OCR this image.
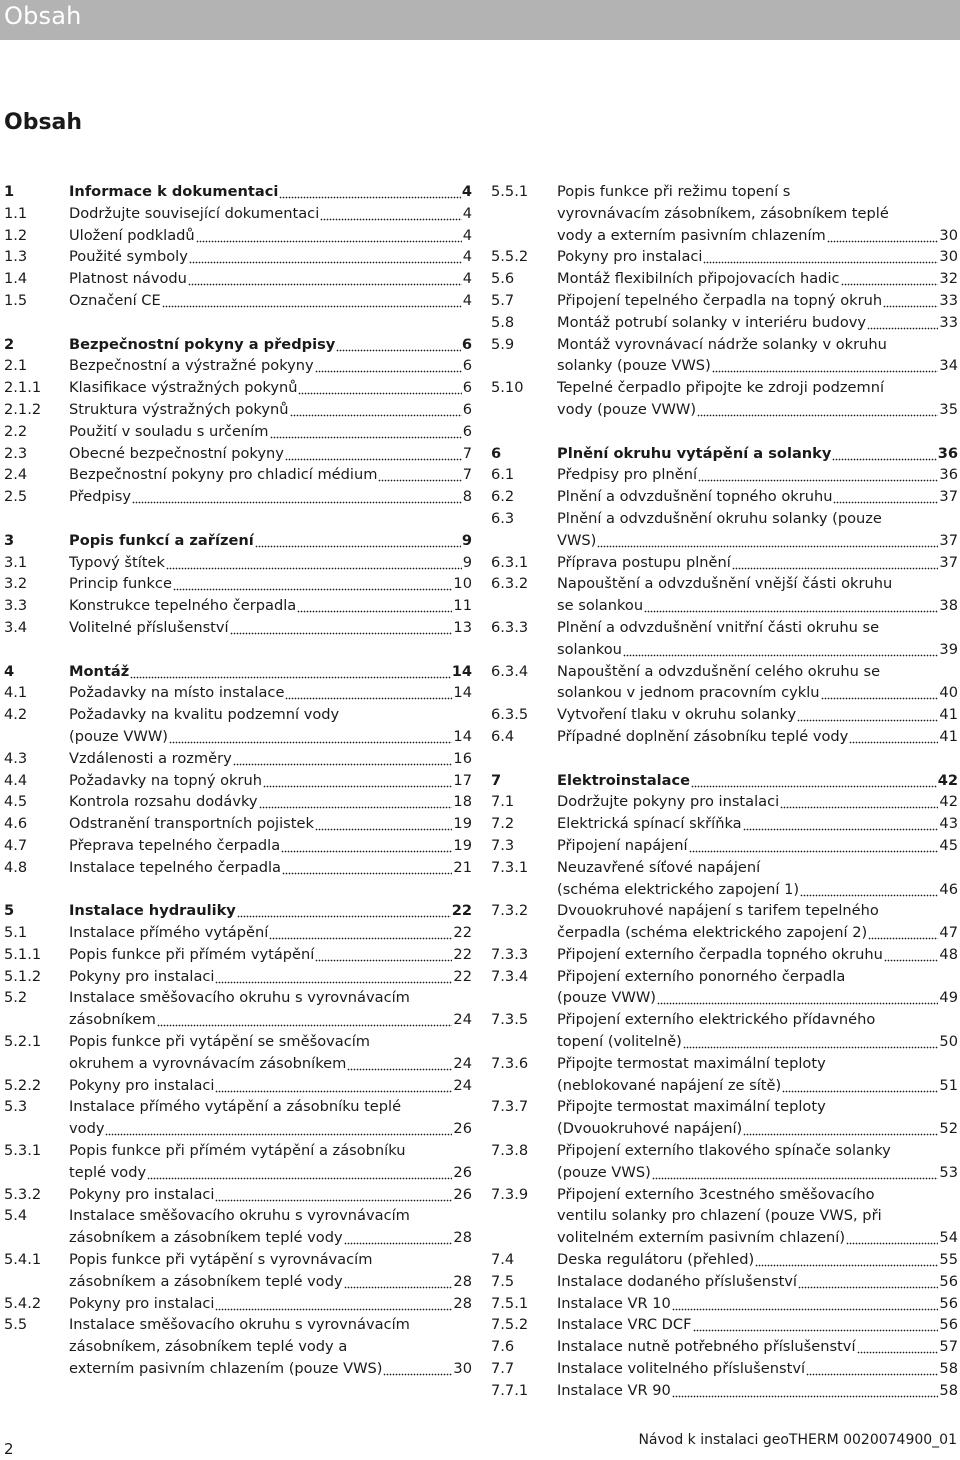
Obsah
Obsah
1	Informace k dokumentaci	4
1.1	Dodržujte související dokumentaci	4
1.2	Uložení podkladů	4
1.3	Použité symboly	4
1.4	Platnost návodu	4
1.5	Označení CE	4
2	Bezpečnostní pokyny a předpisy	6
2.1	Bezpečnostní a výstražné pokyny	6
2.1.1 Klasifikace výstražných pokynů	6
2.1.2 Struktura výstražných pokynů	6
2.2	Použití v souladu s určením	6
2.3	Obecné bezpečnostní pokyny	7
2.4	Bezpečnostní pokyny pro chladicí médium	7
2.5	Předpisy	8
3	Popis funkcí a zařízení	9
3.1	Typový štítek	9
3.2	Princip funkce	10
3.3	Konstrukce tepelného čerpadla	11
3.4	Volitelné příslušenství	13
4	Montáž	14
4.1	Požadavky na místo instalace	14
4.2	Požadavky na kvalitu podzemní vody
(pouze VWW)	14
4.3	Vzdálenosti a rozměry	16
4.4	Požadavky na topný okruh	17
4.5	Kontrola rozsahu dodávky	18
4.6	Odstranění transportních pojistek	19
4.7	Přeprava tepelného čerpadla	19
4.8	Instalace tepelného čerpadla	21
5	Instalace hydrauliky	22
5.1	Instalace přímého vytápění	22
5.1.1 Popis funkce při přímém vytápění	22
5.1.2 Pokyny pro instalaci	22
5.2	Instalace směšovacího okruhu s vyrovnávacím
zásobníkem	24
5.2.1 Popis funkce při vytápění se směšovacím
okruhem a vyrovnávacím zásobníkem	24
5.2.2 Pokyny pro instalaci	24
5.3	Instalace přímého vytápění a zásobníku teplé
vody	26
5.3.1 Popis funkce při přímém vytápění a zásobníku
teplé vody	26
5.3.2 Pokyny pro instalaci	26
5.4	Instalace směšovacího okruhu s vyrovnávacím
zásobníkem a zásobníkem teplé vody	28
5.4.1 Popis funkce při vytápění s vyrovnávacím
zásobníkem a zásobníkem teplé vody	28
5.4.2 Pokyny pro instalaci	28
5.5	Instalace směšovacího okruhu s vyrovnávacím
zásobníkem, zásobníkem teplé vody a
externím pasivním chlazením (pouze VWS)	30
5.5.1 Popis funkce při režimu topení s
vyrovnávacím zásobníkem, zásobníkem teplé
vody a externím pasivním chlazením	30
5.5.2 Pokyny pro instalaci	30
5.6	Montáž flexibilních připojovacích hadic	32
5.7	Připojení tepelného čerpadla na topný okruh	33
5.8	Montáž potrubí solanky v interiéru budovy	33
5.9	Montáž vyrovnávací nádrže solanky v okruhu
solanky (pouze VWS)	34
5.10 Tepelné čerpadlo připojte ke zdroji podzemní
vody (pouze VWW)	35
6	Plnění okruhu vytápění a solanky	36
6.1	Předpisy pro plnění	36
6.2	Plnění a odvzdušnění topného okruhu	37
6.3	Plnění a odvzdušnění okruhu solanky (pouze
VWS)	37
6.3.1 Příprava postupu plnění	37
6.3.2 Napouštění a odvzdušnění vnější části okruhu
se solankou	38
6.3.3 Plnění a odvzdušnění vnitřní části okruhu se
solankou	39
6.3.4 Napouštění a odvzdušnění celého okruhu se
solankou v jednom pracovním cyklu	40
6.3.5 Vytvoření tlaku v okruhu solanky	41
6.4	Případné doplnění zásobníku teplé vody	41
7	Elektroinstalace	42
7.1	Dodržujte pokyny pro instalaci	42
7.2	Elektrická spínací skříňka	43
7.3	Připojení napájení	45
7.3.1 Neuzavřené síťové napájení
(schéma elektrického zapojení 1)	46
7.3.2 Dvouokruhové napájení s tarifem tepelného
čerpadla (schéma elektrického zapojení 2)	47
7.3.3 Připojení externího čerpadla topného okruhu	48
7.3.4 Připojení externího ponorného čerpadla
(pouze VWW)	49
7.3.5 Připojení externího elektrického přídavného
topení (volitelně)	50
7.3.6 Připojte termostat maximální teploty
(neblokované napájení ze sítě)	51
7.3.7 Připojte termostat maximální teploty
(Dvouokruhové napájení)	52
7.3.8 Připojení externího tlakového spínače solanky
(pouze VWS)	53
7.3.9 Připojení externího 3cestného směšovacího
ventilu solanky pro chlazení (pouze VWS, při
volitelném externím pasivním chlazení)	54
7.4	Deska regulátoru (přehled)	55
7.5	Instalace dodaného příslušenství	56
7.5.1 Instalace VR 10	56
7.5.2 Instalace VRC DCF	56
7.6	Instalace nutně potřebného příslušenství	57
7.7	Instalace volitelného příslušenství	58
7.7.1 Instalace VR 90	58
2	Návod k instalaci geoTHERM 0020074900_01
